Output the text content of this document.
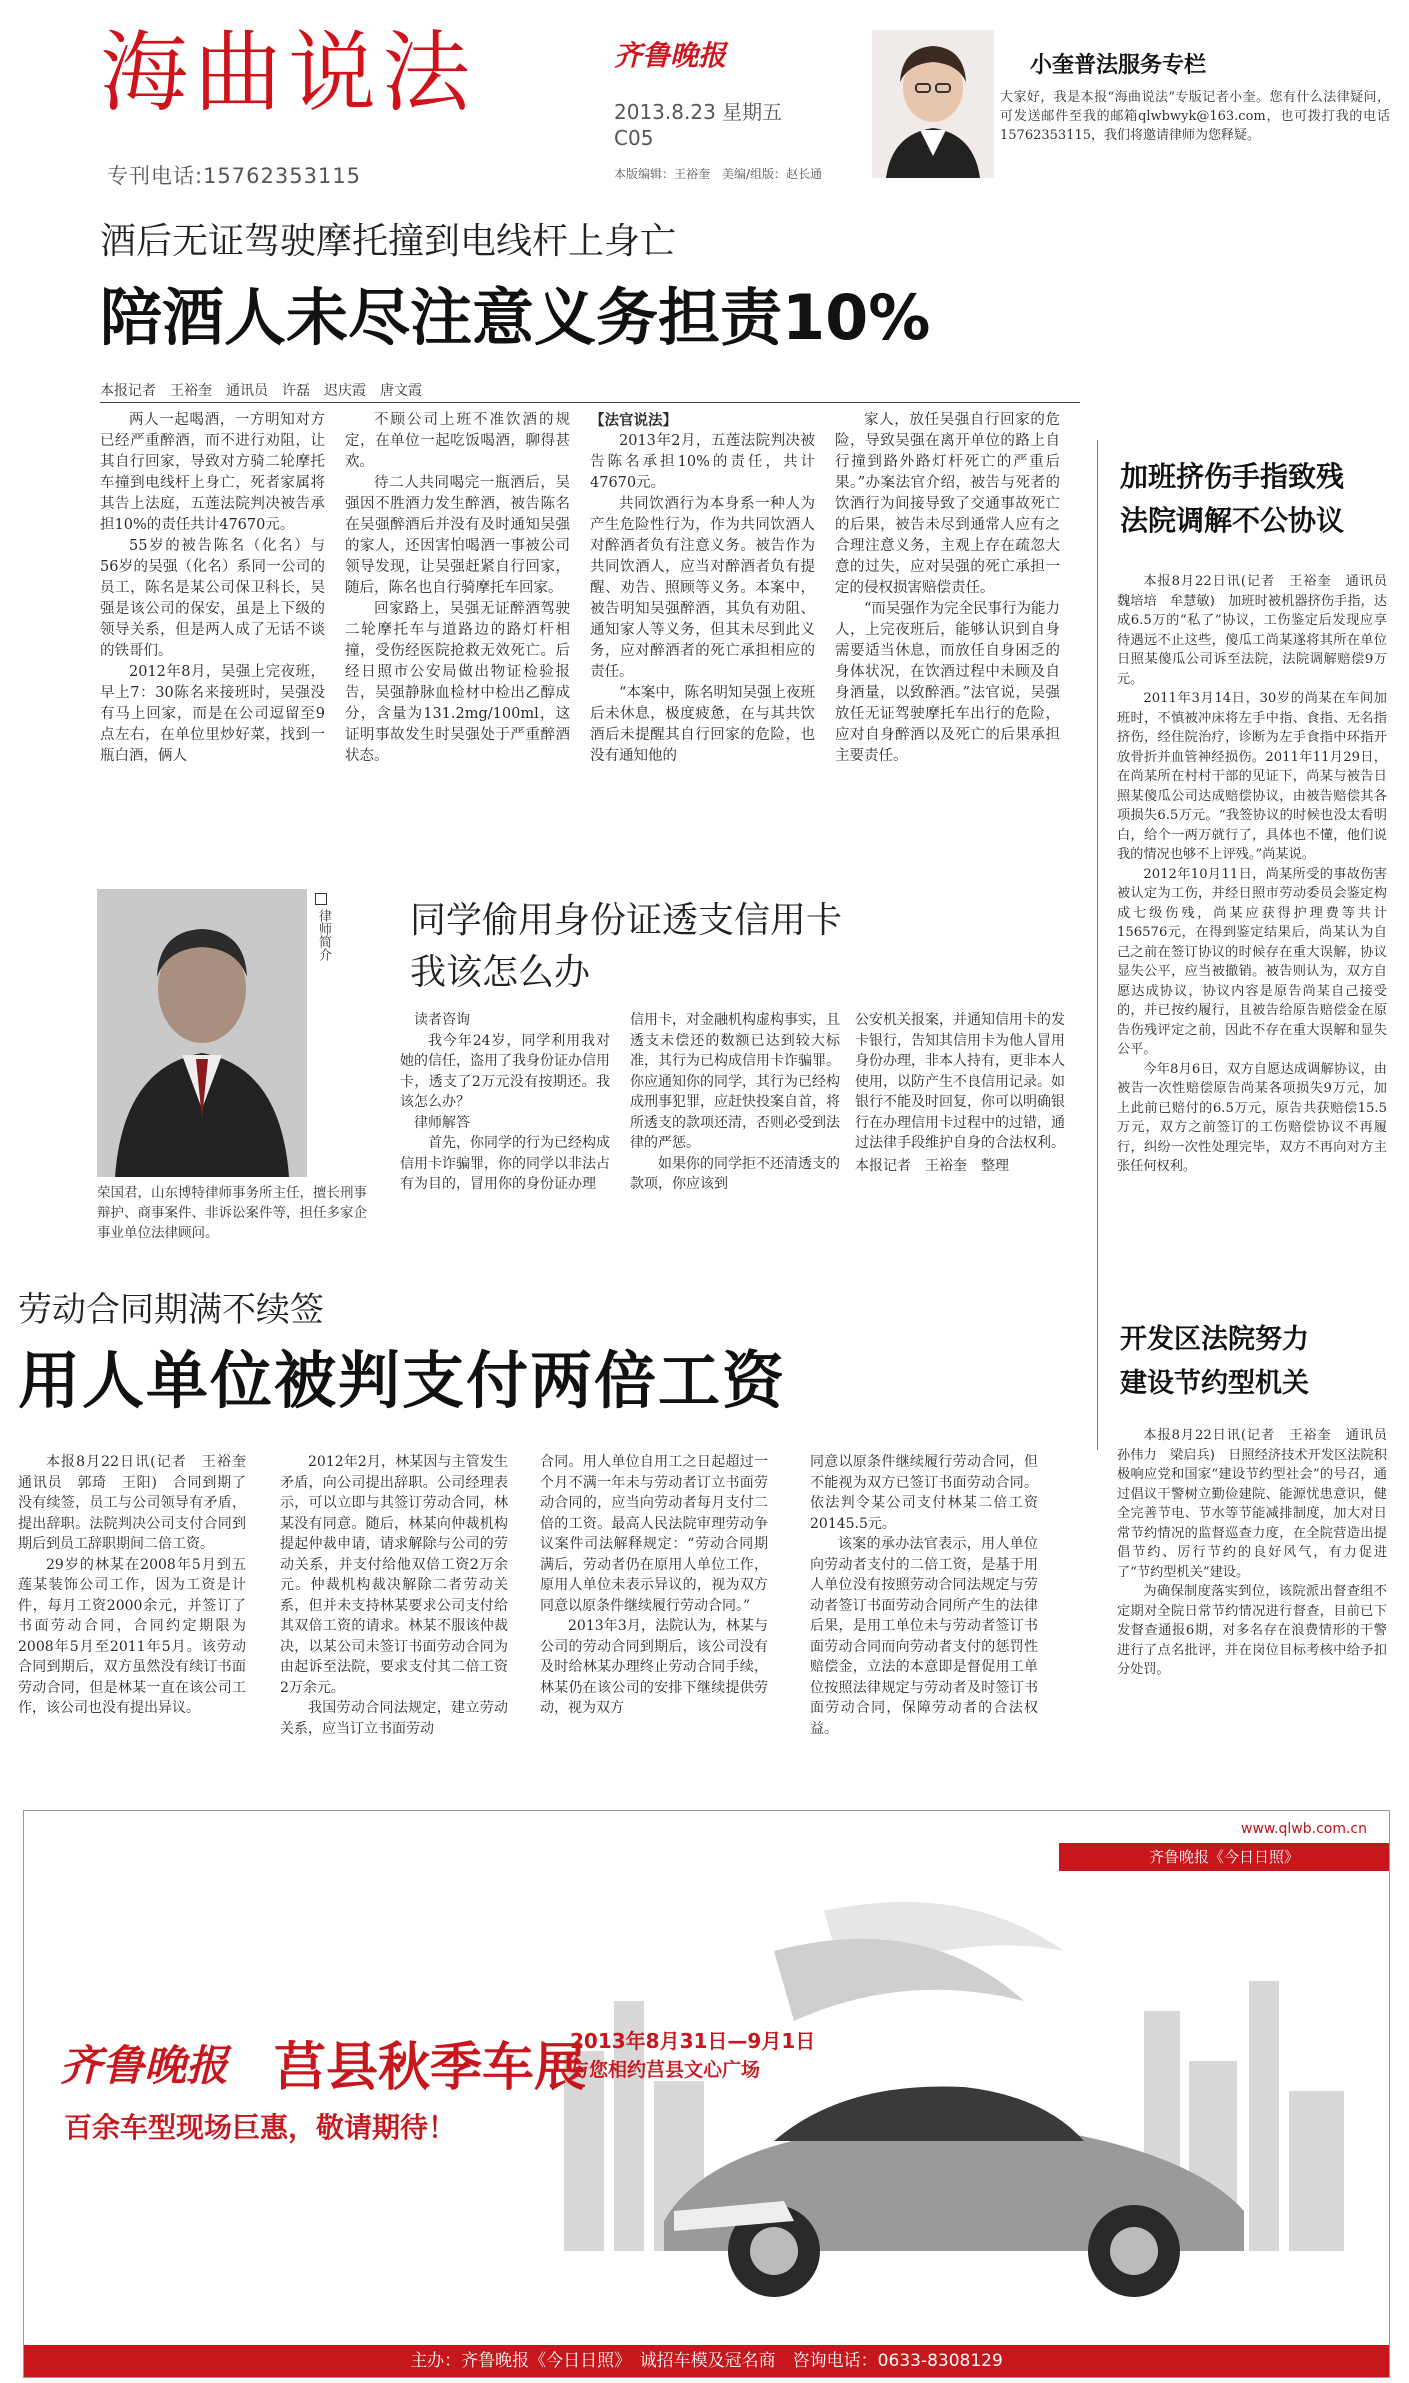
海曲说法	齐鲁晚报
2013.8.23 星期五
C05
专刊电话:15762353115	本版编辑：王裕奎　美编/组版：赵长通
小奎普法服务专栏
大家好，我是本报“海曲说法”专版记者小奎。您有什么法律疑问，可发送邮件至我的邮箱qlwbwyk@163.com，也可拨打我的电话15762353115，我们将邀请律师为您释疑。
酒后无证驾驶摩托撞到电线杆上身亡
陪酒人未尽注意义务担责10%
本报记者　王裕奎　通讯员　许磊　迟庆霞　唐文霞

两人一起喝酒，一方明知对方已经严重醉酒，而不进行劝阻，让其自行回家，导致对方骑二轮摩托车撞到电线杆上身亡，死者家属将其告上法庭，五莲法院判决被告承担10%的责任共计47670元。

55岁的被告陈名（化名）与56岁的吴强（化名）系同一公司的员工，陈名是某公司保卫科长，吴强是该公司的保安，虽是上下级的领导关系，但是两人成了无话不谈的铁哥们。

2012年8月，吴强上完夜班，早上7：30陈名来接班时，吴强没有马上回家，而是在公司逗留至9点左右，在单位里炒好菜，找到一瓶白酒，俩人

不顾公司上班不准饮酒的规定，在单位一起吃饭喝酒，聊得甚欢。

待二人共同喝完一瓶酒后，吴强因不胜酒力发生醉酒，被告陈名在吴强醉酒后并没有及时通知吴强的家人，还因害怕喝酒一事被公司领导发现，让吴强赶紧自行回家，随后，陈名也自行骑摩托车回家。

回家路上，吴强无证醉酒驾驶二轮摩托车与道路边的路灯杆相撞，受伤经医院抢救无效死亡。后经日照市公安局做出物证检验报告，吴强静脉血检材中检出乙醇成分，含量为131.2mg/100ml，这证明事故发生时吴强处于严重醉酒状态。

【法官说法】

2013年2月，五莲法院判决被告陈名承担10%的责任，共计47670元。

共同饮酒行为本身系一种人为产生危险性行为，作为共同饮酒人对醉酒者负有注意义务。被告作为共同饮酒人，应当对醉酒者负有提醒、劝告、照顾等义务。本案中，被告明知吴强醉酒，其负有劝阻、通知家人等义务，但其未尽到此义务，应对醉酒者的死亡承担相应的责任。

“本案中，陈名明知吴强上夜班后未休息，极度疲惫，在与其共饮酒后未提醒其自行回家的危险，也没有通知他的

家人，放任吴强自行回家的危险，导致吴强在离开单位的路上自行撞到路外路灯杆死亡的严重后果。”办案法官介绍，被告与死者的饮酒行为间接导致了交通事故死亡的后果，被告未尽到通常人应有之合理注意义务，主观上存在疏忽大意的过失，应对吴强的死亡承担一定的侵权损害赔偿责任。

“而吴强作为完全民事行为能力人，上完夜班后，能够认识到自身需要适当休息，而放任自身困乏的身体状况，在饮酒过程中未顾及自身酒量，以致醉酒。”法官说，吴强放任无证驾驶摩托车出行的危险，应对自身醉酒以及死亡的后果承担主要责任。

加班挤伤手指致残
法院调解不公协议

本报8月22日讯(记者　王裕奎　通讯员　魏培培　牟慧敏)　加班时被机器挤伤手指，达成6.5万的“私了”协议，工伤鉴定后发现应享待遇远不止这些，傻瓜工尚某遂将其所在单位日照某傻瓜公司诉至法院，法院调解赔偿9万元。

2011年3月14日，30岁的尚某在车间加班时，不慎被冲床将左手中指、食指、无名指挤伤，经住院治疗，诊断为左手食指中环指开放骨折并血管神经损伤。2011年11月29日，在尚某所在村村干部的见证下，尚某与被告日照某傻瓜公司达成赔偿协议，由被告赔偿其各项损失6.5万元。“我签协议的时候也没太看明白，给个一两万就行了，具体也不懂，他们说我的情况也够不上评残。”尚某说。

2012年10月11日，尚某所受的事故伤害被认定为工伤，并经日照市劳动委员会鉴定构成七级伤残，尚某应获得护理费等共计156576元，在得到鉴定结果后，尚某认为自己之前在签订协议的时候存在重大误解，协议显失公平，应当被撤销。被告则认为，双方自愿达成协议，协议内容是原告尚某自己接受的，并已按约履行，且被告给原告赔偿金在原告伤残评定之前，因此不存在重大误解和显失公平。

今年8月6日，双方自愿达成调解协议，由被告一次性赔偿原告尚某各项损失9万元，加上此前已赔付的6.5万元，原告共获赔偿15.5万元，双方之前签订的工伤赔偿协议不再履行，纠纷一次性处理完毕，双方不再向对方主张任何权利。

律师简介
荣国君，山东博特律师事务所主任，擅长刑事辩护、商事案件、非诉讼案件等，担任多家企事业单位法律顾问。
同学偷用身份证透支信用卡
我该怎么办
读者咨询

我今年24岁，同学利用我对她的信任，盗用了我身份证办信用卡，透支了2万元没有按期还。我该怎么办？

律师解答

首先，你同学的行为已经构成信用卡诈骗罪，你的同学以非法占有为目的，冒用你的身份证办理

信用卡，对金融机构虚构事实，且透支未偿还的数额已达到较大标准，其行为已构成信用卡诈骗罪。你应通知你的同学，其行为已经构成刑事犯罪，应赶快投案自首，将所透支的款项还清，否则必受到法律的严惩。

如果你的同学拒不还清透支的款项，你应该到

公安机关报案，并通知信用卡的发卡银行，告知其信用卡为他人冒用身份办理，非本人持有，更非本人使用，以防产生不良信用记录。如银行不能及时回复，你可以明确银行在办理信用卡过程中的过错，通过法律手段维护自身的合法权利。

本报记者　王裕奎　整理
劳动合同期满不续签
用人单位被判支付两倍工资

本报8月22日讯(记者　王裕奎　通讯员　郭琦　王阳)　合同到期了没有续签，员工与公司领导有矛盾，提出辞职。法院判决公司支付合同到期后到员工辞职期间二倍工资。

29岁的林某在2008年5月到五莲某装饰公司工作，因为工资是计件，每月工资2000余元，并签订了书面劳动合同，合同约定期限为2008年5月至2011年5月。该劳动合同到期后，双方虽然没有续订书面劳动合同，但是林某一直在该公司工作，该公司也没有提出异议。

2012年2月，林某因与主管发生矛盾，向公司提出辞职。公司经理表示，可以立即与其签订劳动合同，林某没有同意。随后，林某向仲裁机构提起仲裁申请，请求解除与公司的劳动关系，并支付给他双倍工资2万余元。仲裁机构裁决解除二者劳动关系，但并未支持林某要求公司支付给其双倍工资的请求。林某不服该仲裁决，以某公司未签订书面劳动合同为由起诉至法院，要求支付其二倍工资2万余元。

我国劳动合同法规定，建立劳动关系，应当订立书面劳动

合同。用人单位自用工之日起超过一个月不满一年未与劳动者订立书面劳动合同的，应当向劳动者每月支付二倍的工资。最高人民法院审理劳动争议案件司法解释规定：“劳动合同期满后，劳动者仍在原用人单位工作，原用人单位未表示异议的，视为双方同意以原条件继续履行劳动合同。”

2013年3月，法院认为，林某与公司的劳动合同到期后，该公司没有及时给林某办理终止劳动合同手续，林某仍在该公司的安排下继续提供劳动，视为双方

同意以原条件继续履行劳动合同，但不能视为双方已签订书面劳动合同。依法判令某公司支付林某二倍工资20145.5元。

该案的承办法官表示，用人单位向劳动者支付的二倍工资，是基于用人单位没有按照劳动合同法规定与劳动者签订书面劳动合同所产生的法律后果，是用工单位未与劳动者签订书面劳动合同而向劳动者支付的惩罚性赔偿金，立法的本意即是督促用工单位按照法律规定与劳动者及时签订书面劳动合同，保障劳动者的合法权益。

开发区法院努力
建设节约型机关

本报8月22日讯(记者　王裕奎　通讯员　孙伟力　梁启兵)　日照经济技术开发区法院积极响应党和国家“建设节约型社会”的号召，通过倡议干警树立勤俭建院、能源忧患意识，健全完善节电、节水等节能减排制度，加大对日常节约情况的监督巡查力度，在全院营造出提倡节约、厉行节约的良好风气，有力促进了“节约型机关”建设。

为确保制度落实到位，该院派出督查组不定期对全院日常节约情况进行督查，目前已下发督查通报6期，对多名存在浪费情形的干警进行了点名批评，并在岗位目标考核中给予扣分处罚。

www.qlwb.com.cn
齐鲁晚报《今日日照》
齐鲁晚报 莒县秋季车展
2013年8月31日—9月1日
与您相约莒县文心广场
百余车型现场巨惠，敬请期待！
主办：齐鲁晚报《今日日照》　诚招车模及冠名商　咨询电话：0633-8308129
